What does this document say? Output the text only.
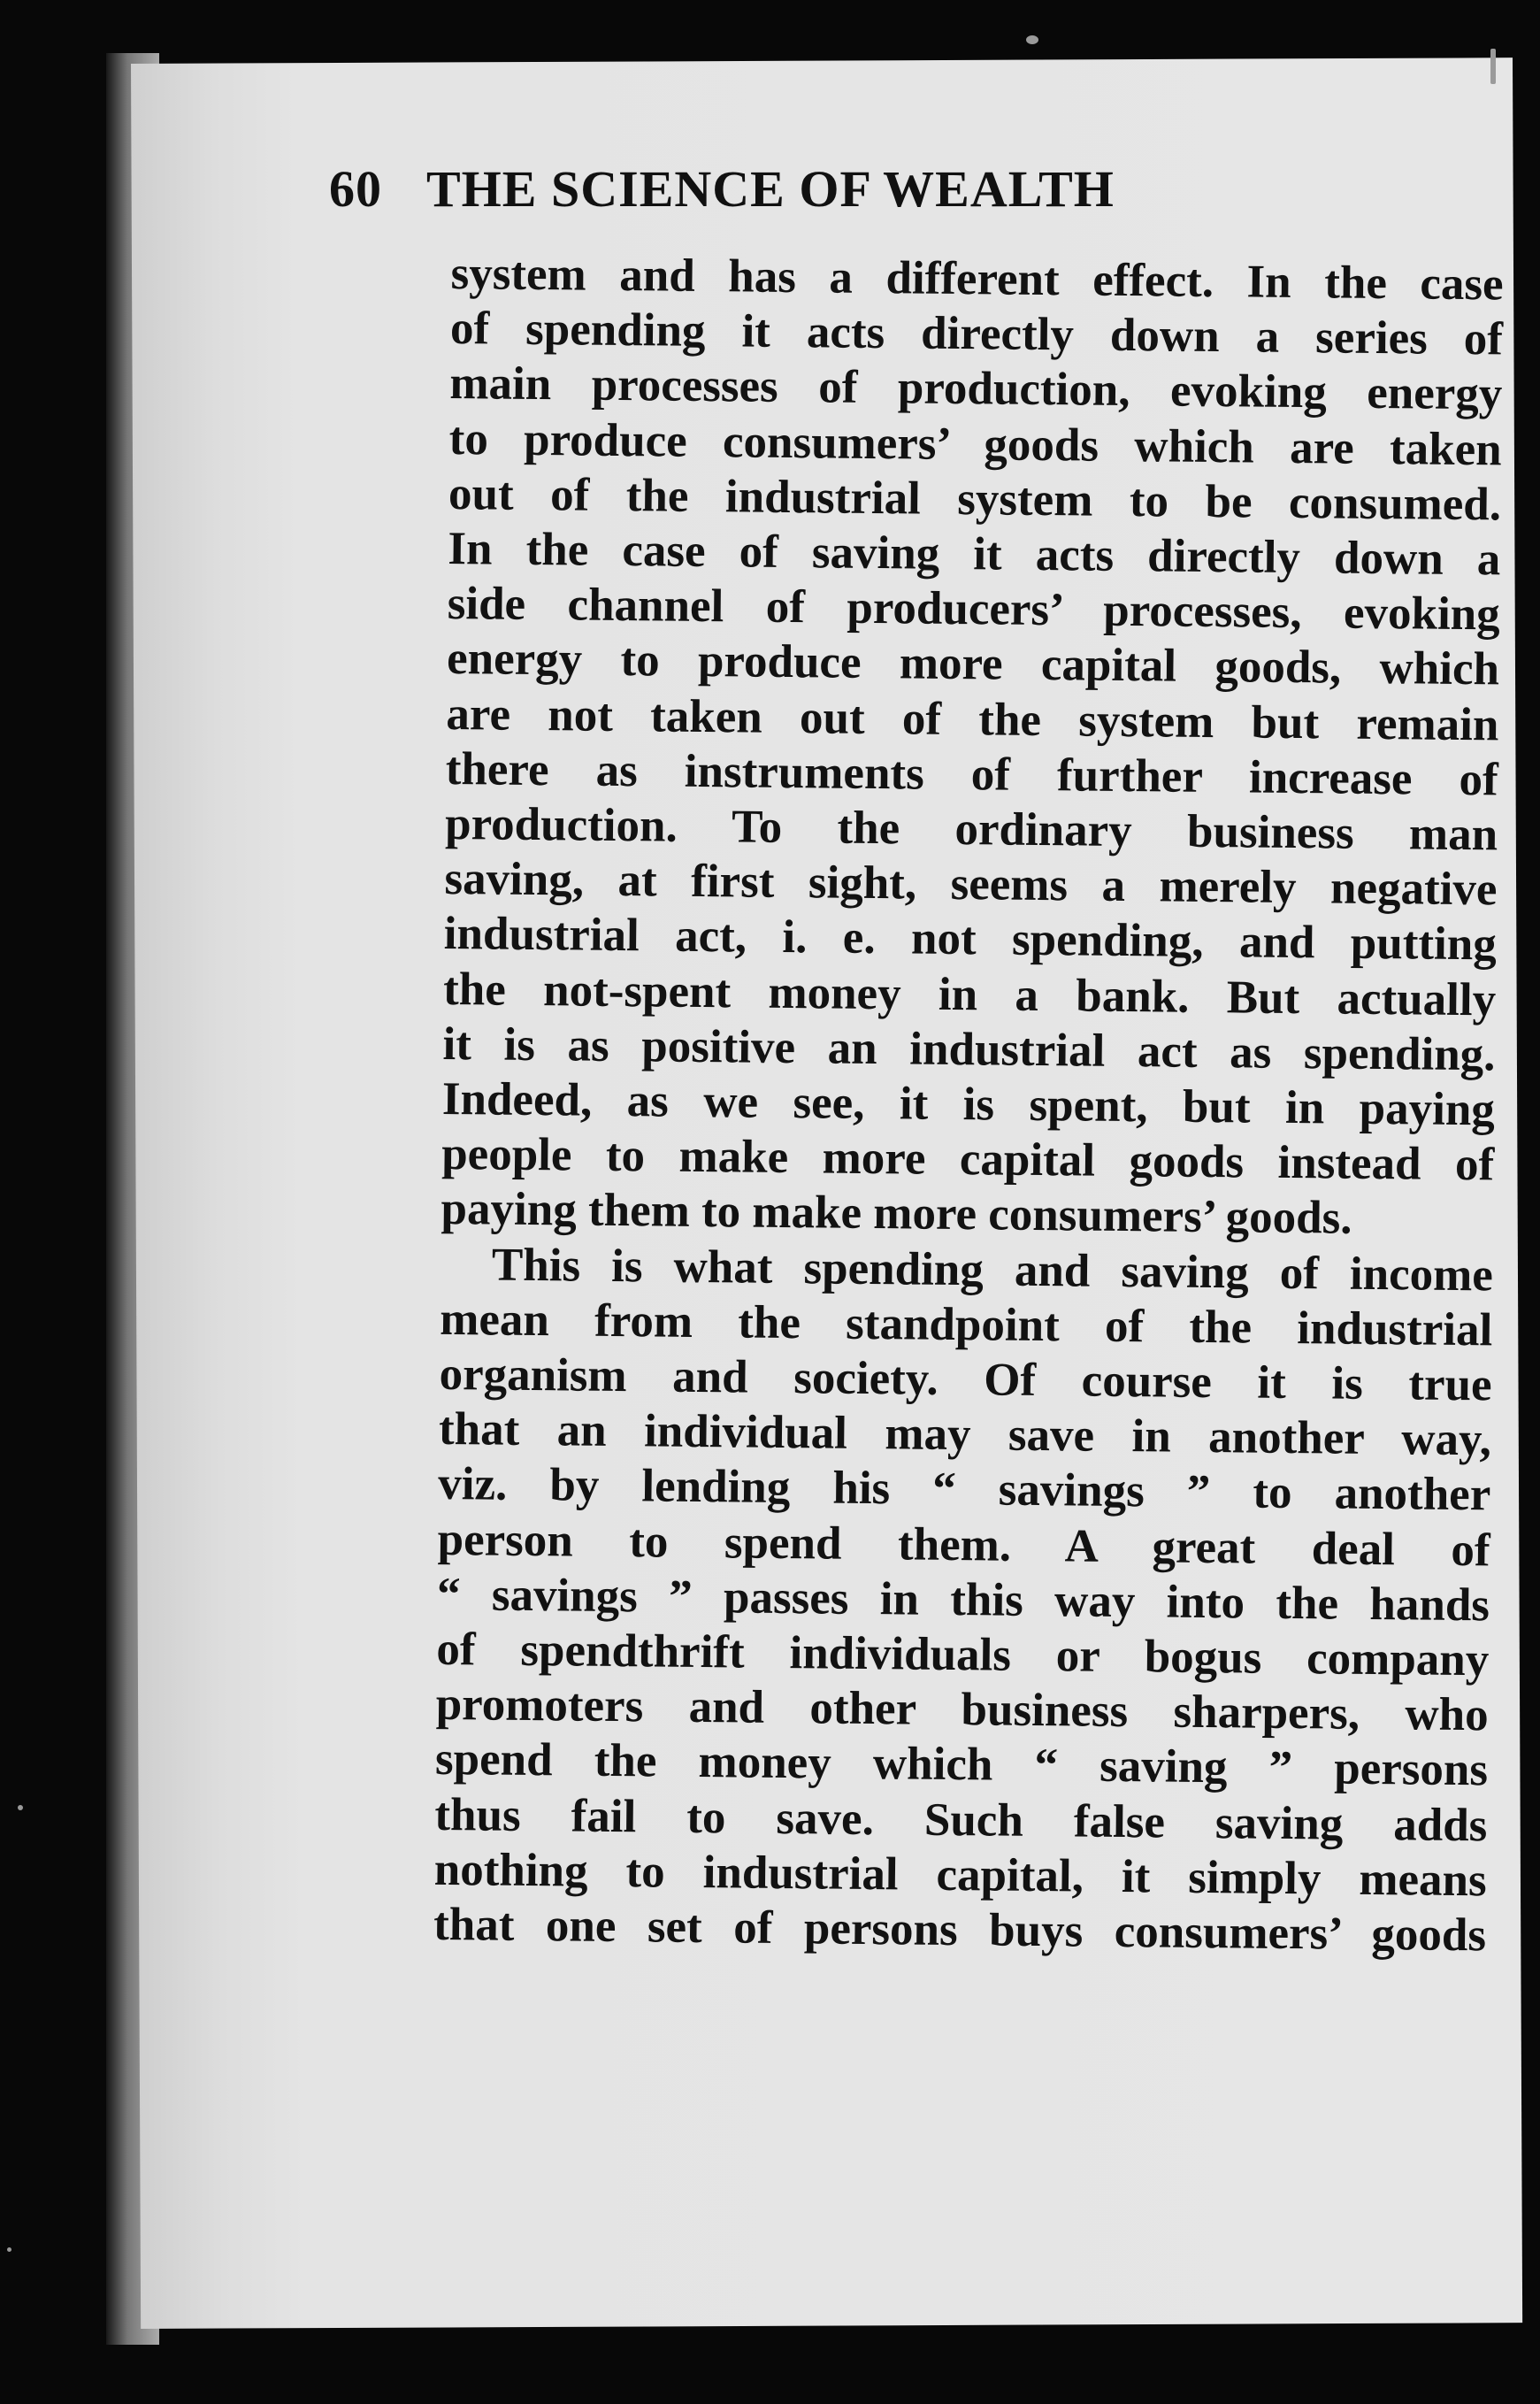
60 THE SCIENCE OF WEALTH
system and has a different effect. In the case
of spending it acts directly down a series of
main processes of production, evoking energy
to produce consumers’ goods which are taken
out of the industrial system to be consumed.
In the case of saving it acts directly down a
side channel of producers’ processes, evoking
energy to produce more capital goods, which
are not taken out of the system but remain
there as instruments of further increase of
production. To the ordinary business man
saving, at first sight, seems a merely negative
industrial act, i. e. not spending, and putting
the not-spent money in a bank. But actually
it is as positive an industrial act as spending.
Indeed, as we see, it is spent, but in paying
people to make more capital goods instead of
paying them to make more consumers’ goods.
This is what spending and saving of income
mean from the standpoint of the industrial
organism and society. Of course it is true
that an individual may save in another way,
viz. by lending his “ savings ” to another
person to spend them. A great deal of
“ savings ” passes in this way into the hands
of spendthrift individuals or bogus company
promoters and other business sharpers, who
spend the money which “ saving ” persons
thus fail to save. Such false saving adds
nothing to industrial capital, it simply means
that one set of persons buys consumers’ goods
